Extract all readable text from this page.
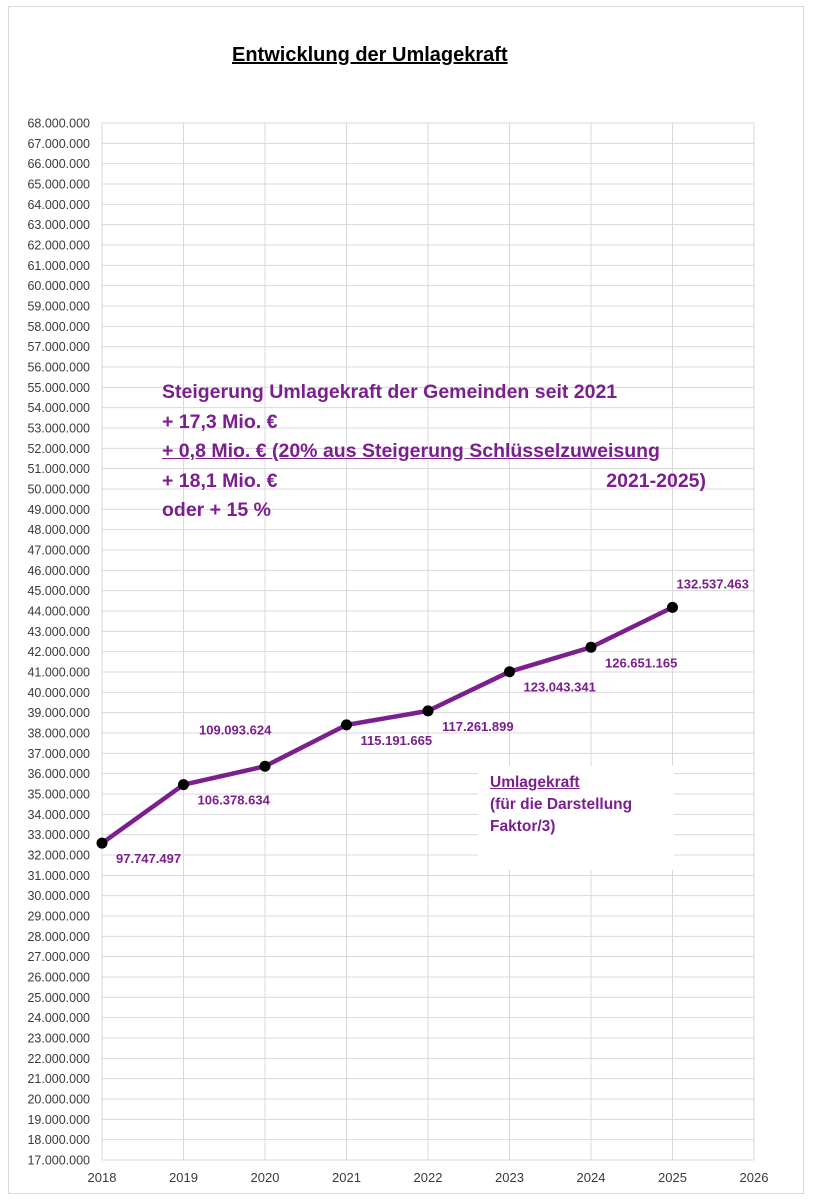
Entwicklung der Umlagekraft
17.000.000
18.000.000
19.000.000
20.000.000
21.000.000
22.000.000
23.000.000
24.000.000
25.000.000
26.000.000
27.000.000
28.000.000
29.000.000
30.000.000
31.000.000
32.000.000
33.000.000
34.000.000
35.000.000
36.000.000
37.000.000
38.000.000
39.000.000
40.000.000
41.000.000
42.000.000
43.000.000
44.000.000
45.000.000
46.000.000
47.000.000
48.000.000
49.000.000
50.000.000
51.000.000
52.000.000
53.000.000
54.000.000
55.000.000
56.000.000
57.000.000
58.000.000
59.000.000
60.000.000
61.000.000
62.000.000
63.000.000
64.000.000
65.000.000
66.000.000
67.000.000
68.000.000
2018	2019	2020	2021	2022	2023	2024	2025	2026
97.747.497
106.378.634
109.093.624
115.191.665
117.261.899
123.043.341
126.651.165
132.537.463
Steigerung Umlagekraft der Gemeinden seit 2021
+ 17,3 Mio. €
+ 0,8 Mio. € (20% aus Steigerung Schlüsselzuweisung
+ 18,1 Mio. €	2021-2025)
oder + 15 %
Umlagekraft
(für die Darstellung
Faktor/3)
